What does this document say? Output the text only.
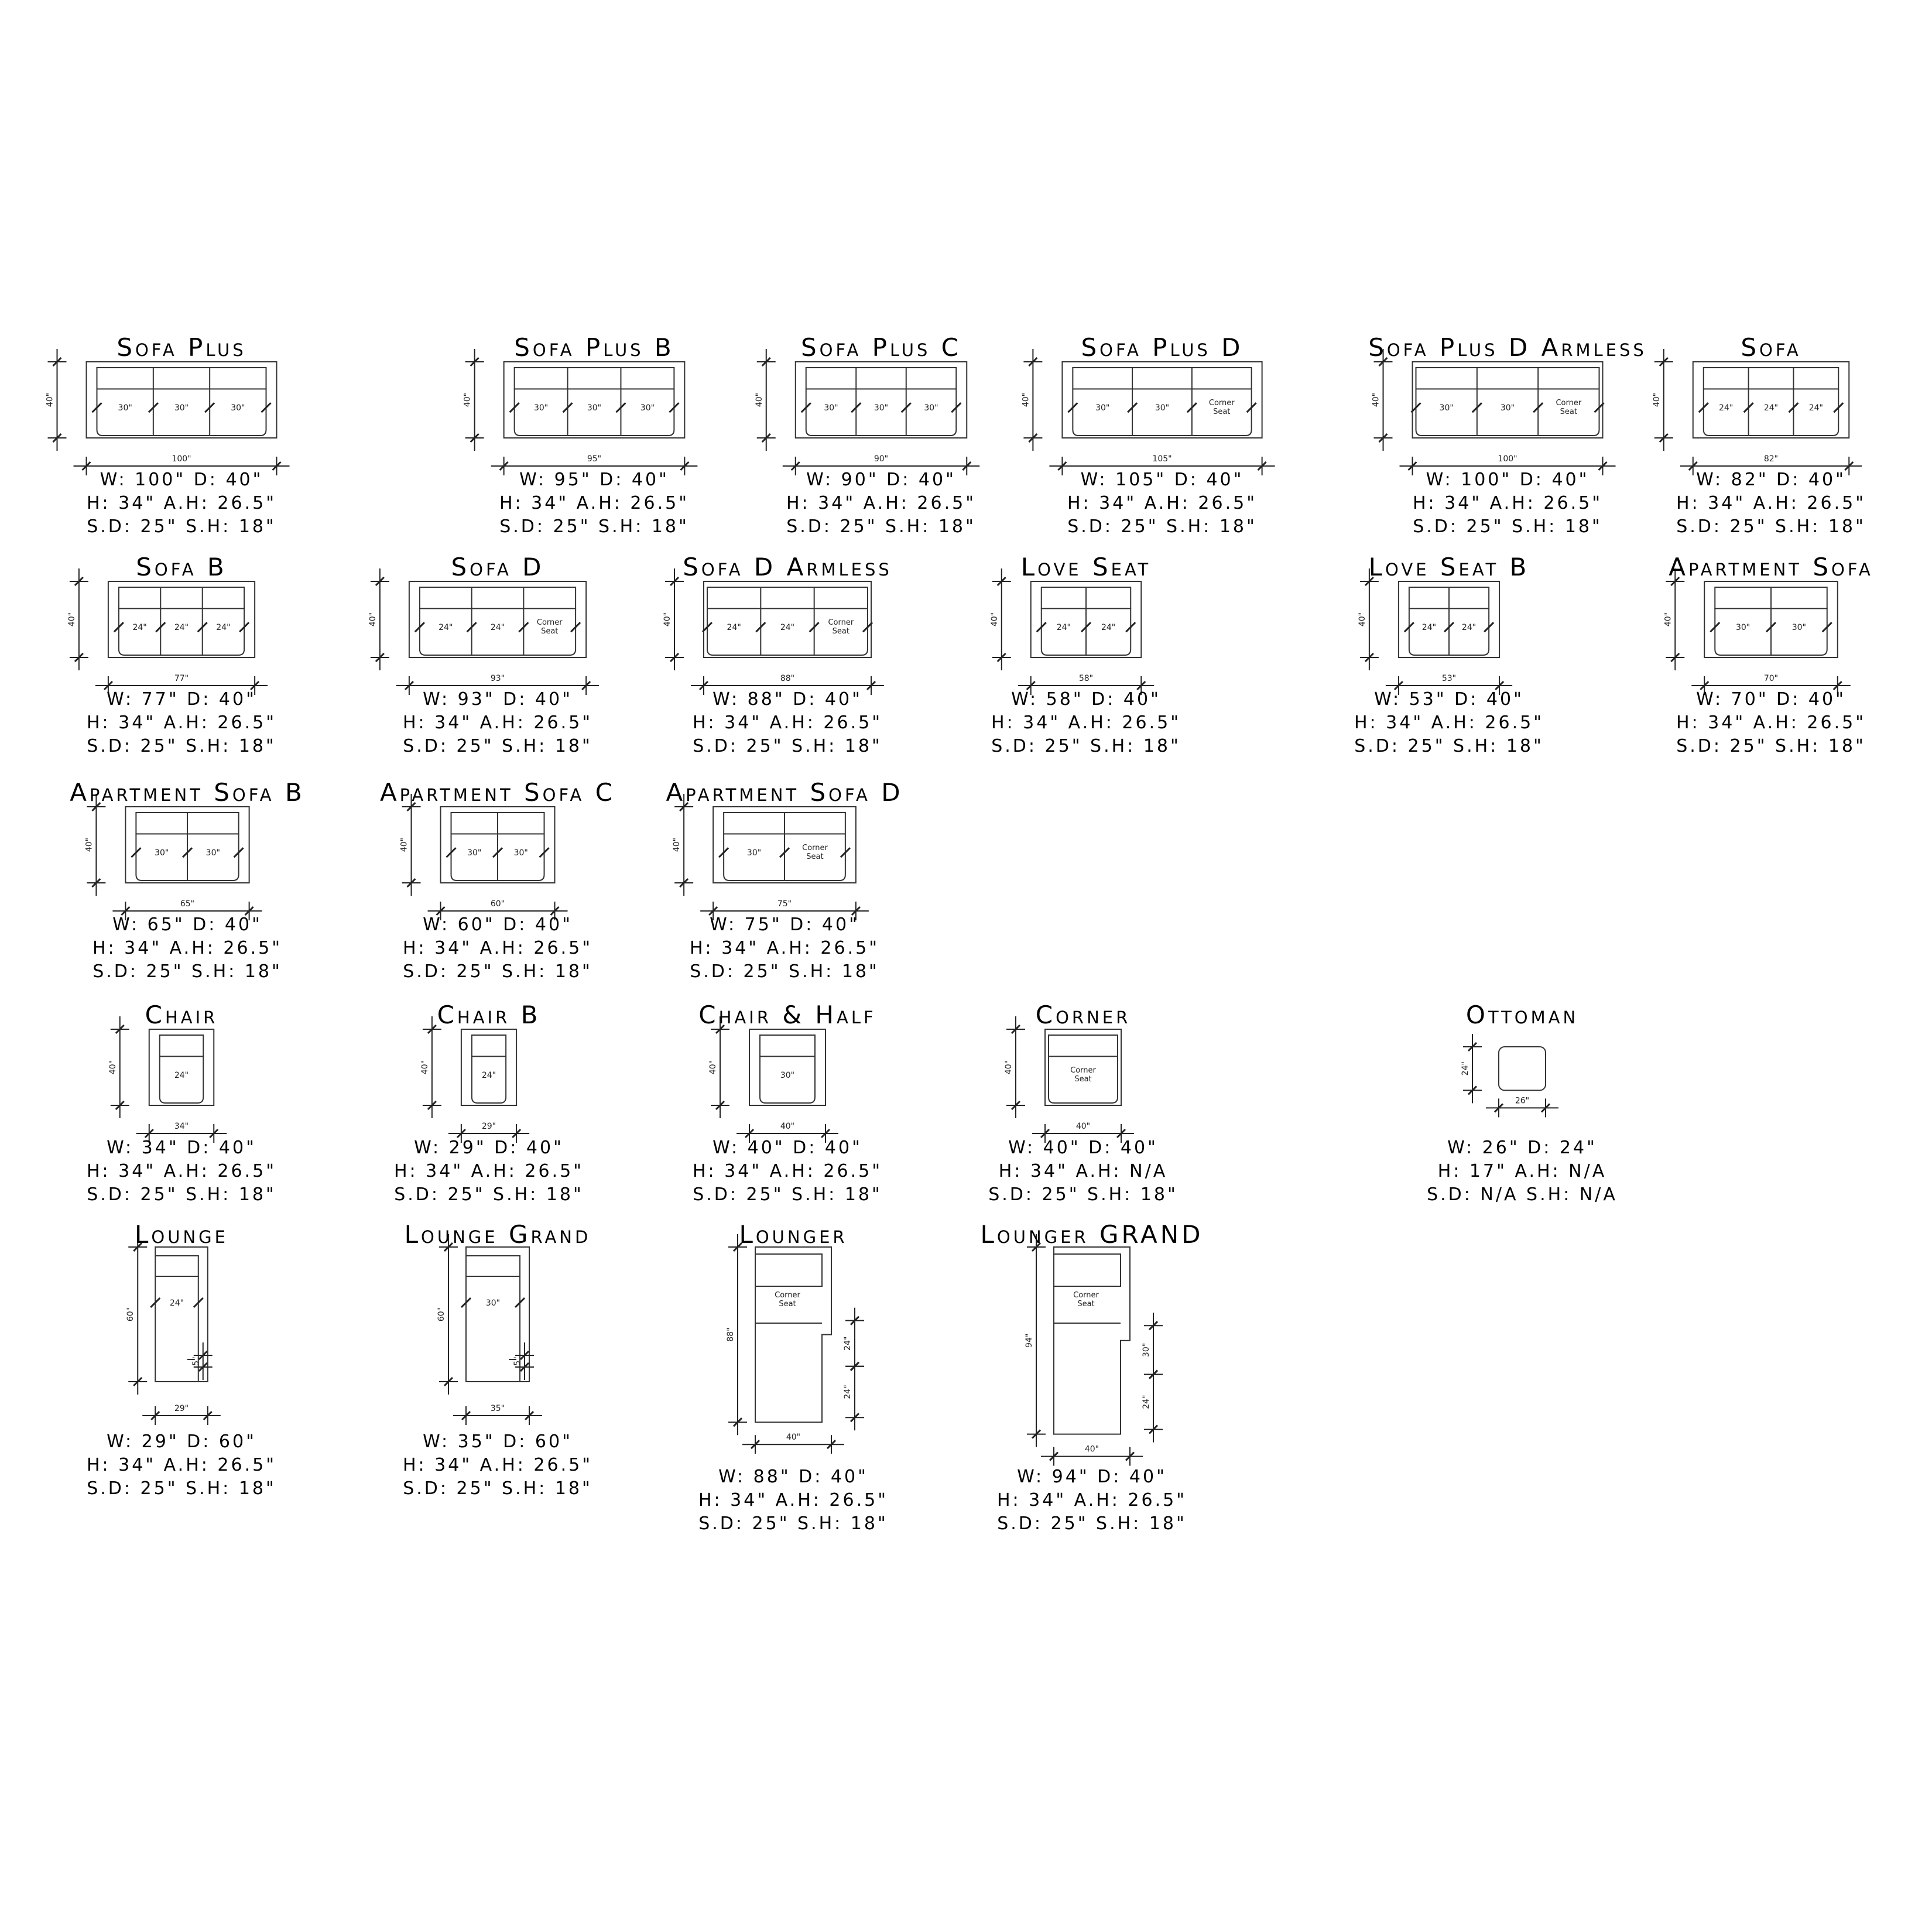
30"	30"	30"
40"
100"
Sofa Plus
W: 100" D: 40"
H: 34" A.H: 26.5"
S.D: 25" S.H: 18"
30"	30"	30"
40"
95"
Sofa Plus B
W: 95" D: 40"
H: 34" A.H: 26.5"
S.D: 25" S.H: 18"
30"	30"	30"
40"
90"
Sofa Plus C
W: 90" D: 40"
H: 34" A.H: 26.5"
S.D: 25" S.H: 18"
30"	30"
Corner
Seat
40"
105"
Sofa Plus D
W: 105" D: 40"
H: 34" A.H: 26.5"
S.D: 25" S.H: 18"
30"	30"
Corner
Seat
40"
100"
Sofa Plus D Armless
W: 100" D: 40"
H: 34" A.H: 26.5"
S.D: 25" S.H: 18"
24"	24"	24"
40"
82"
Sofa
W: 82" D: 40"
H: 34" A.H: 26.5"
S.D: 25" S.H: 18"
24"	24"	24"
40"
77"
Sofa B
W: 77" D: 40"
H: 34" A.H: 26.5"
S.D: 25" S.H: 18"
24"	24"
Corner
Seat
40"
93"
Sofa D
W: 93" D: 40"
H: 34" A.H: 26.5"
S.D: 25" S.H: 18"
24"	24"
Corner
Seat
40"
88"
Sofa D Armless
W: 88" D: 40"
H: 34" A.H: 26.5"
S.D: 25" S.H: 18"
24"	24"
40"
58"
Love Seat
W: 58" D: 40"
H: 34" A.H: 26.5"
S.D: 25" S.H: 18"
24"	24"
40"
53"
Love Seat B
W: 53" D: 40"
H: 34" A.H: 26.5"
S.D: 25" S.H: 18"
30"	30"
40"
70"
Apartment Sofa
W: 70" D: 40"
H: 34" A.H: 26.5"
S.D: 25" S.H: 18"
30"	30"
40"
65"
Apartment Sofa B
W: 65" D: 40"
H: 34" A.H: 26.5"
S.D: 25" S.H: 18"
30"	30"
40"
60"
Apartment Sofa C
W: 60" D: 40"
H: 34" A.H: 26.5"
S.D: 25" S.H: 18"
30"
Corner
Seat
40"
75"
Apartment Sofa D
W: 75" D: 40"
H: 34" A.H: 26.5"
S.D: 25" S.H: 18"
24"
40"
34"
Chair
W: 34" D: 40"
H: 34" A.H: 26.5"
S.D: 25" S.H: 18"
24"
40"
29"
Chair B
W: 29" D: 40"
H: 34" A.H: 26.5"
S.D: 25" S.H: 18"
30"
40"
40"
Chair & Half
W: 40" D: 40"
H: 34" A.H: 26.5"
S.D: 25" S.H: 18"
Corner
Seat
40"
40"
Corner
W: 40" D: 40"
H: 34" A.H: N/A
S.D: 25" S.H: 18"
24"
26"
Ottoman
W: 26" D: 24"
H: 17" A.H: N/A
S.D: N/A S.H: N/A
24"
5"
60"
29"
Lounge
W: 29" D: 60"
H: 34" A.H: 26.5"
S.D: 25" S.H: 18"
30"
5"
60"
35"
Lounge Grand
W: 35" D: 60"
H: 34" A.H: 26.5"
S.D: 25" S.H: 18"
Corner
Seat
24"
24"
88"
40"
Lounger
W: 88" D: 40"
H: 34" A.H: 26.5"
S.D: 25" S.H: 18"
Corner
Seat
30"
24"
94"
40"
Lounger GRAND
W: 94" D: 40"
H: 34" A.H: 26.5"
S.D: 25" S.H: 18"
